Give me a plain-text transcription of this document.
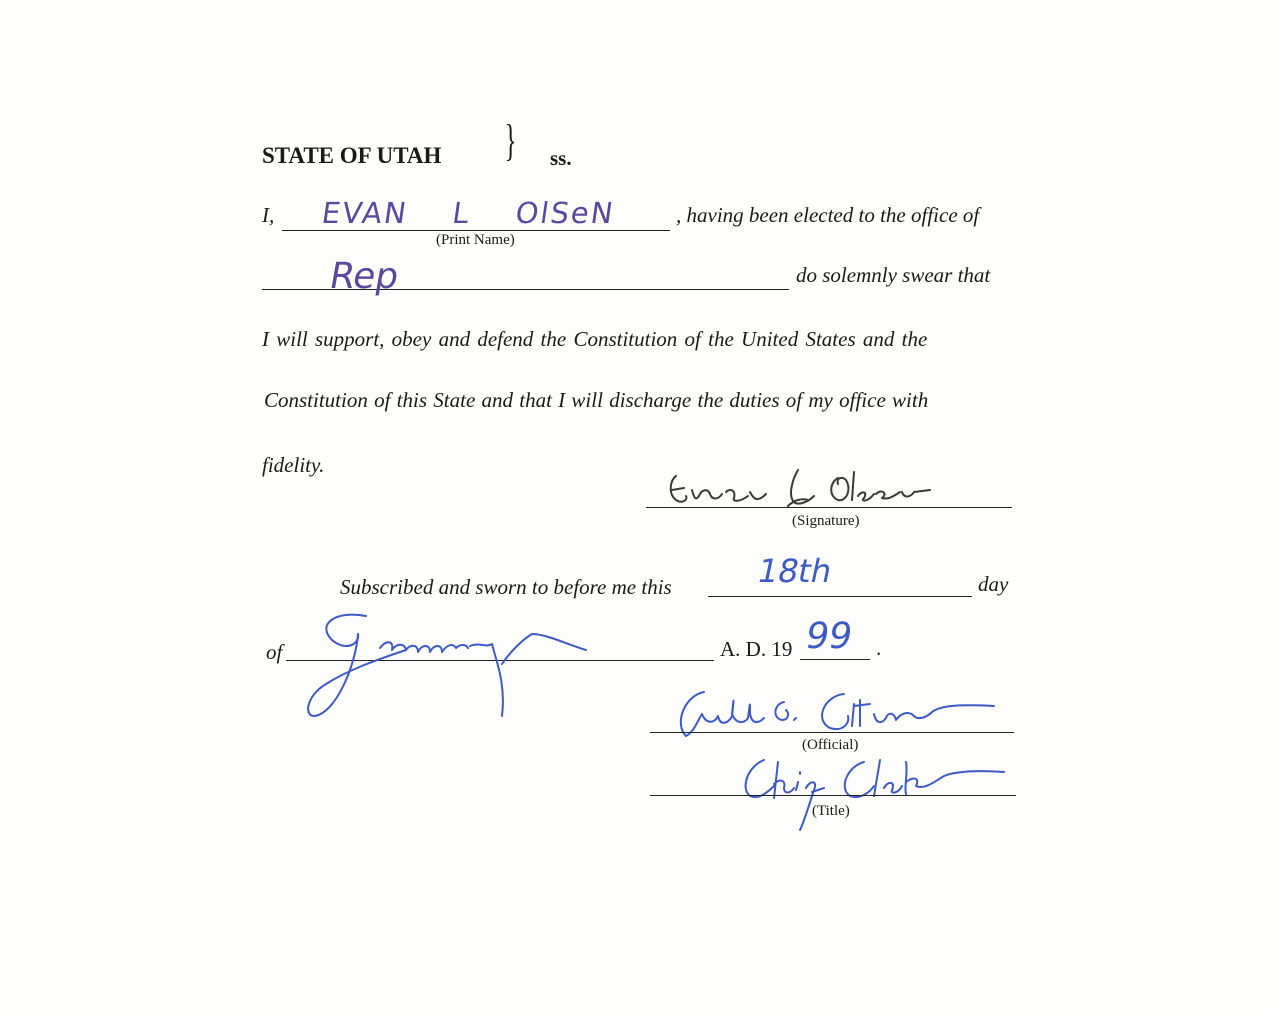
STATE OF UTAH } ss.
I, EVAN    L    OlSeN
(Print Name)
, having been elected to the office of
Rep	do solemnly swear that
I will support, obey and defend the Constitution of the United States and the
Constitution of this State and that I will discharge the duties of my office with
fidelity.
(Signature)
Subscribed and sworn to before me this	18th	day
of	A. D. 19 99 .
(Official)
(Title)
